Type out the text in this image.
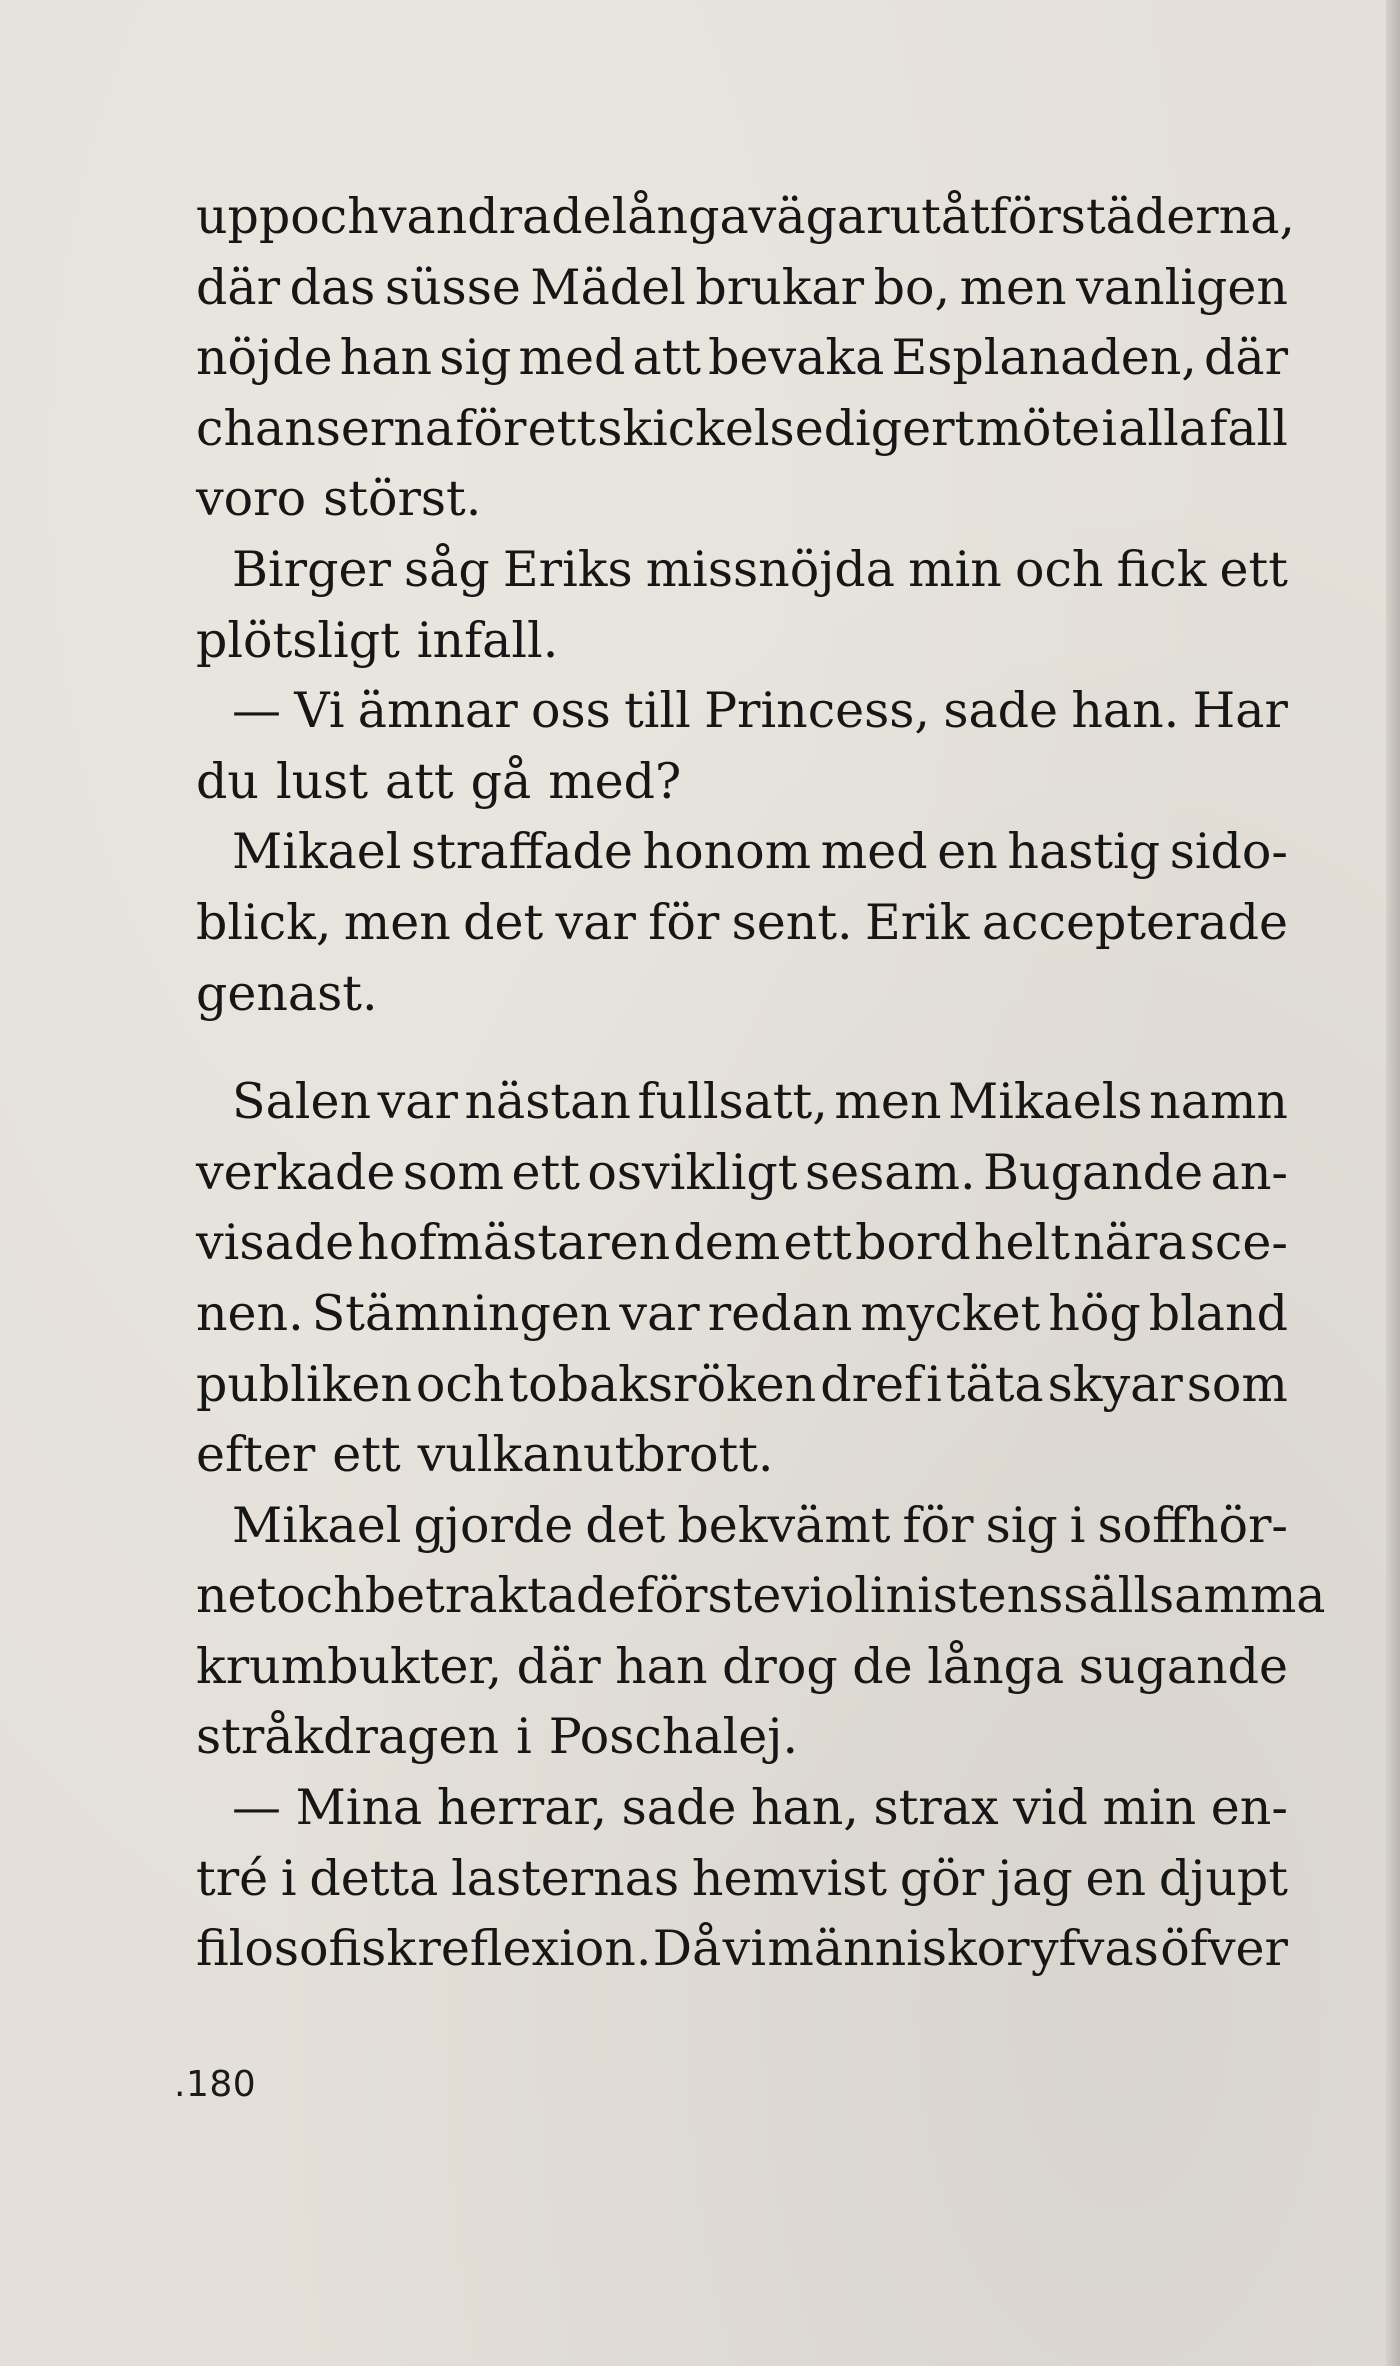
upp och vandrade långa vägar utåt förstäderna,
där das süsse Mädel brukar bo, men vanligen
nöjde han sig med att bevaka Esplanaden, där
chanserna för ett skickelsedigert möte i alla fall
voro störst.
Birger såg Eriks missnöjda min och fick ett
plötsligt infall.
— Vi ämnar oss till Princess, sade han. Har
du lust att gå med?
Mikael straffade honom med en hastig sido-
blick, men det var för sent. Erik accepterade
genast.
Salen var nästan fullsatt, men Mikaels namn
verkade som ett osvikligt sesam. Bugande an-
visade hofmästaren dem ett bord helt nära sce-
nen. Stämningen var redan mycket hög bland
publiken och tobaksröken dref i täta skyar som
efter ett vulkanutbrott.
Mikael gjorde det bekvämt för sig i soffhör-
net och betraktade förste violinistens sällsamma
krumbukter, där han drog de långa sugande
stråkdragen i Poschalej.
— Mina herrar, sade han, strax vid min en-
tré i detta lasternas hemvist gör jag en djupt
filosofisk reflexion. Då vi människor yfvas öfver
.180
